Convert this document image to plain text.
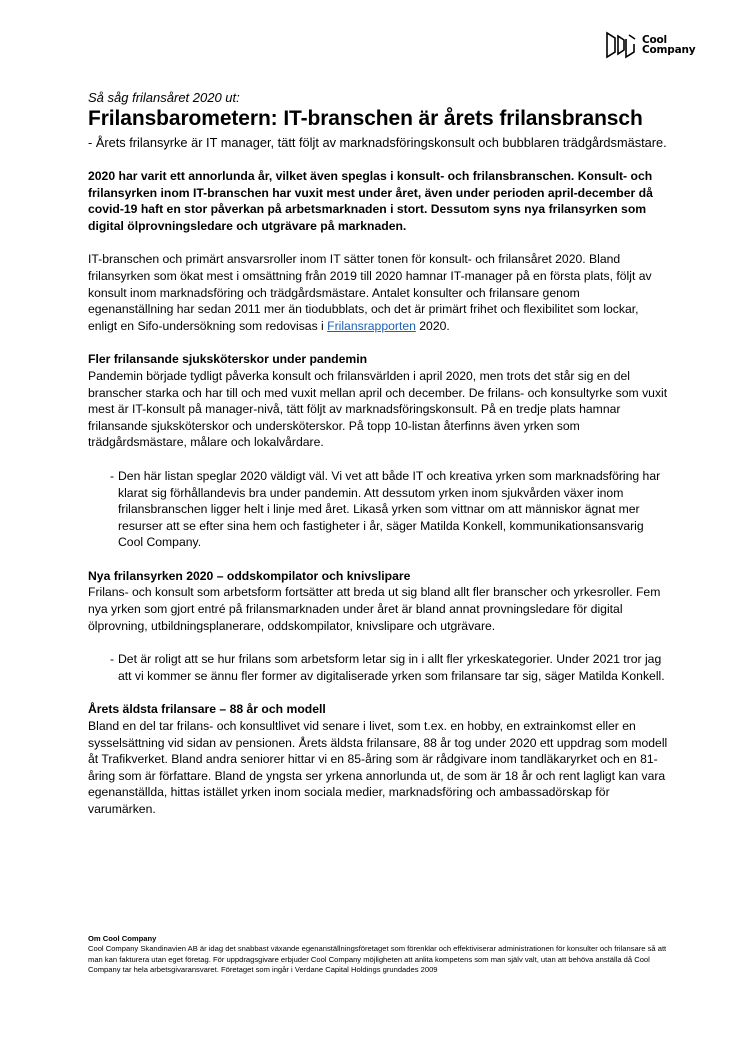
Cool
Company

Så såg frilansåret 2020 ut:

Frilansbarometern: IT-branschen är årets frilansbransch

- Årets frilansyrke är IT manager, tätt följt av marknadsföringskonsult och bubblaren trädgårdsmästare.

2020 har varit ett annorlunda år, vilket även speglas i konsult- och frilansbranschen. Konsult- och frilansyrken inom IT-branschen har vuxit mest under året, även under perioden april-december då covid-19 haft en stor påverkan på arbetsmarknaden i stort. Dessutom syns nya frilansyrken som digital ölprovningsledare och utgrävare på marknaden.

IT-branschen och primärt ansvarsroller inom IT sätter tonen för konsult- och frilansåret 2020. Bland frilansyrken som ökat mest i omsättning från 2019 till 2020 hamnar IT-manager på en första plats, följt av konsult inom marknadsföring och trädgårdsmästare. Antalet konsulter och frilansare genom egenanställning har sedan 2011 mer än tiodubblats, och det är primärt frihet och flexibilitet som lockar, enligt en Sifo-undersökning som redovisas i Frilansrapporten 2020.

Fler frilansande sjuksköterskor under pandemin

Pandemin började tydligt påverka konsult och frilansvärlden i april 2020, men trots det står sig en del branscher starka och har till och med vuxit mellan april och december. De frilans- och konsultyrke som vuxit mest är IT-konsult på manager-nivå, tätt följt av marknadsföringskonsult. På en tredje plats hamnar frilansande sjuksköterskor och undersköterskor. På topp 10-listan återfinns även yrken som trädgårdsmästare, målare och lokalvårdare.

- Den här listan speglar 2020 väldigt väl. Vi vet att både IT och kreativa yrken som marknadsföring har klarat sig förhållandevis bra under pandemin. Att dessutom yrken inom sjukvården växer inom frilansbranschen ligger helt i linje med året. Likaså yrken som vittnar om att människor ägnat mer resurser att se efter sina hem och fastigheter i år, säger Matilda Konkell, kommunikationsansvarig Cool Company.
Nya frilansyrken 2020 – oddskompilator och knivslipare

Frilans- och konsult som arbetsform fortsätter att breda ut sig bland allt fler branscher och yrkesroller. Fem nya yrken som gjort entré på frilansmarknaden under året är bland annat provningsledare för digital ölprovning, utbildningsplanerare, oddskompilator, knivslipare och utgrävare.

- Det är roligt att se hur frilans som arbetsform letar sig in i allt fler yrkeskategorier. Under 2021 tror jag att vi kommer se ännu fler former av digitaliserade yrken som frilansare tar sig, säger Matilda Konkell.
Årets äldsta frilansare – 88 år och modell

Bland en del tar frilans- och konsultlivet vid senare i livet, som t.ex. en hobby, en extrainkomst eller en sysselsättning vid sidan av pensionen. Årets äldsta frilansare, 88 år tog under 2020 ett uppdrag som modell åt Trafikverket. Bland andra seniorer hittar vi en 85-åring som är rådgivare inom tandläkaryrket och en 81-åring som är författare. Bland de yngsta ser yrkena annorlunda ut, de som är 18 år och rent lagligt kan vara egenanställda, hittas istället yrken inom sociala medier, marknadsföring och ambassadörskap för varumärken.

Om Cool Company

Cool Company Skandinavien AB är idag det snabbast växande egenanställningsföretaget som förenklar och effektiviserar administrationen för konsulter och frilansare så att man kan fakturera utan eget företag. För uppdragsgivare erbjuder Cool Company möjligheten att anlita kompetens som man själv valt, utan att behöva anställa då Cool Company tar hela arbetsgivaransvaret. Företaget som ingår i Verdane Capital Holdings grundades 2009
